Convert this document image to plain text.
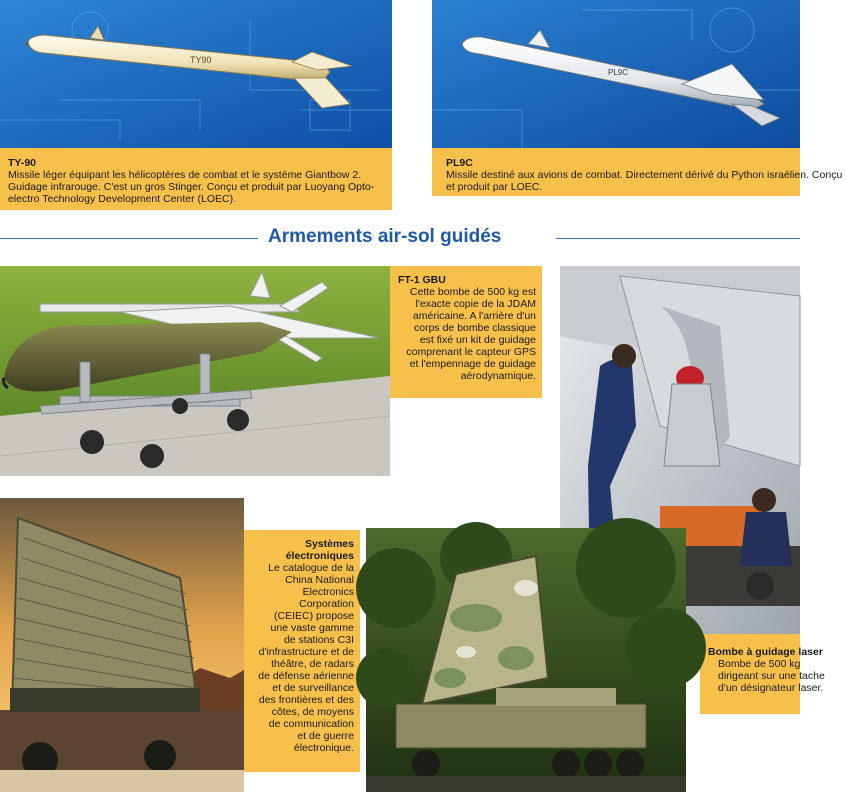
TY90
TY-90
Missile léger équipant les hélicoptères de combat et le système Giantbow 2. Guidage infrarouge. C'est un gros Stinger. Conçu et produit par Luoyang Opto-electro Technology Development Center (LOEC).
PL9C
PL9C
Missile destiné aux avions de combat. Directement dérivé du Python israélien. Conçu et produit par LOEC.
Armements air-sol guidés
FT-1 GBU
Cette bombe de 500 kg est l'exacte copie de la JDAM américaine. A l'arrière d'un corps de bombe classique est fixé un kit de guidage comprenant le capteur GPS et l'empennage de guidage aérodynamique.
Bombe à guidage laser
Bombe de 500 kg dirigeant sur une tache d'un désignateur laser.
Systèmes électroniques
Le catalogue de la China National Electronics Corporation (CEIEC) propose une vaste gamme de stations C3I d'infrastructure et de théâtre, de radars de défense aérienne et de surveillance des frontières et des côtes, de moyens de communication et de guerre électronique.
